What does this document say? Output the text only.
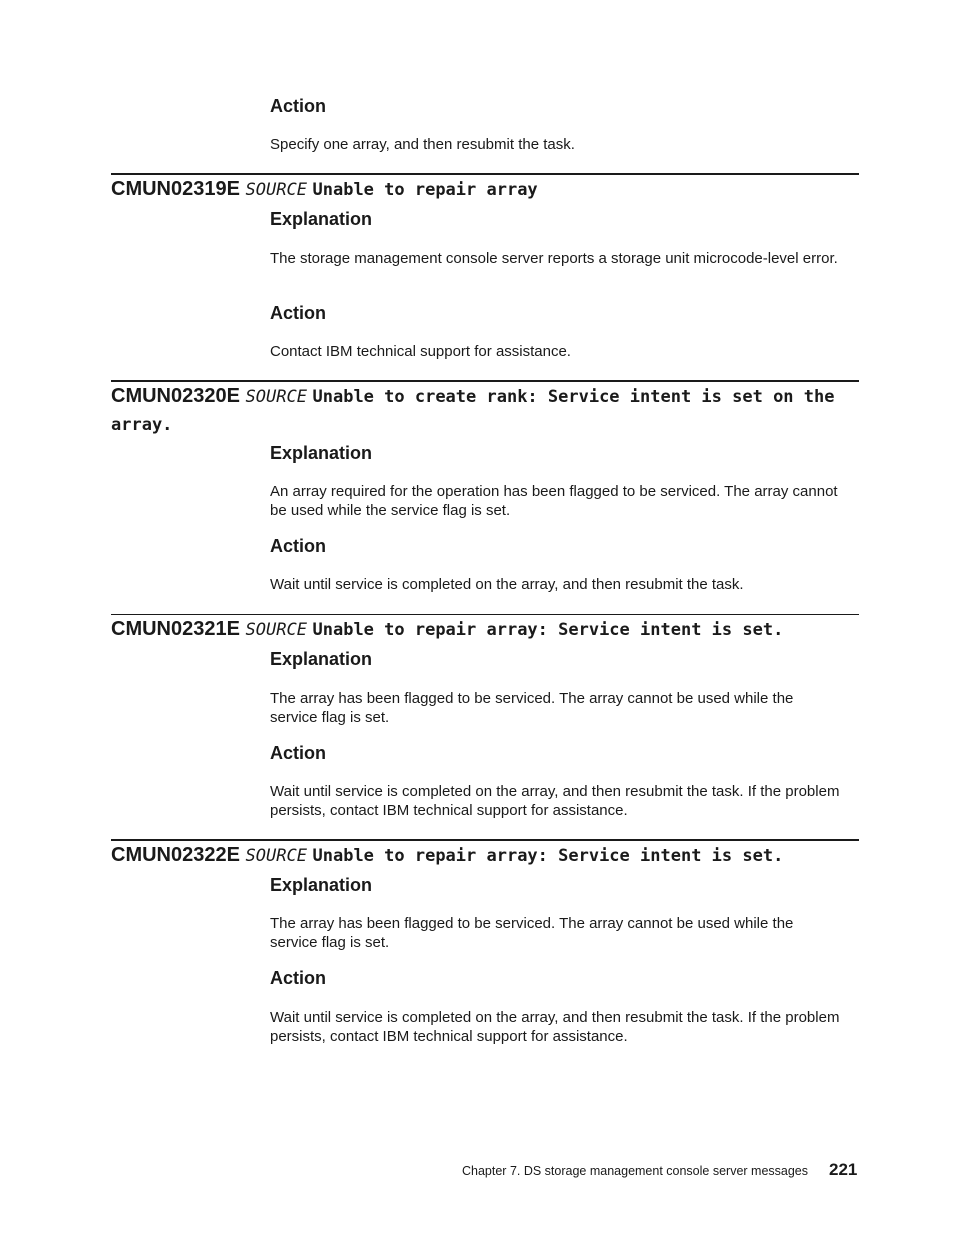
Action

Specify one array, and then resubmit the task.

CMUN02319E SOURCE Unable to repair array
Explanation

The storage management console server reports a storage unit microcode-level error.

Action

Contact IBM technical support for assistance.

CMUN02320E SOURCE Unable to create rank: Service intent is set on the array.
Explanation

An array required for the operation has been flagged to be serviced. The array cannot be used while the service flag is set.

Action

Wait until service is completed on the array, and then resubmit the task.

CMUN02321E SOURCE Unable to repair array: Service intent is set.
Explanation

The array has been flagged to be serviced. The array cannot be used while the service flag is set.

Action

Wait until service is completed on the array, and then resubmit the task. If the problem persists, contact IBM technical support for assistance.

CMUN02322E SOURCE Unable to repair array: Service intent is set.
Explanation

The array has been flagged to be serviced. The array cannot be used while the service flag is set.

Action

Wait until service is completed on the array, and then resubmit the task. If the problem persists, contact IBM technical support for assistance.

Chapter 7. DS storage management console server messages 221
